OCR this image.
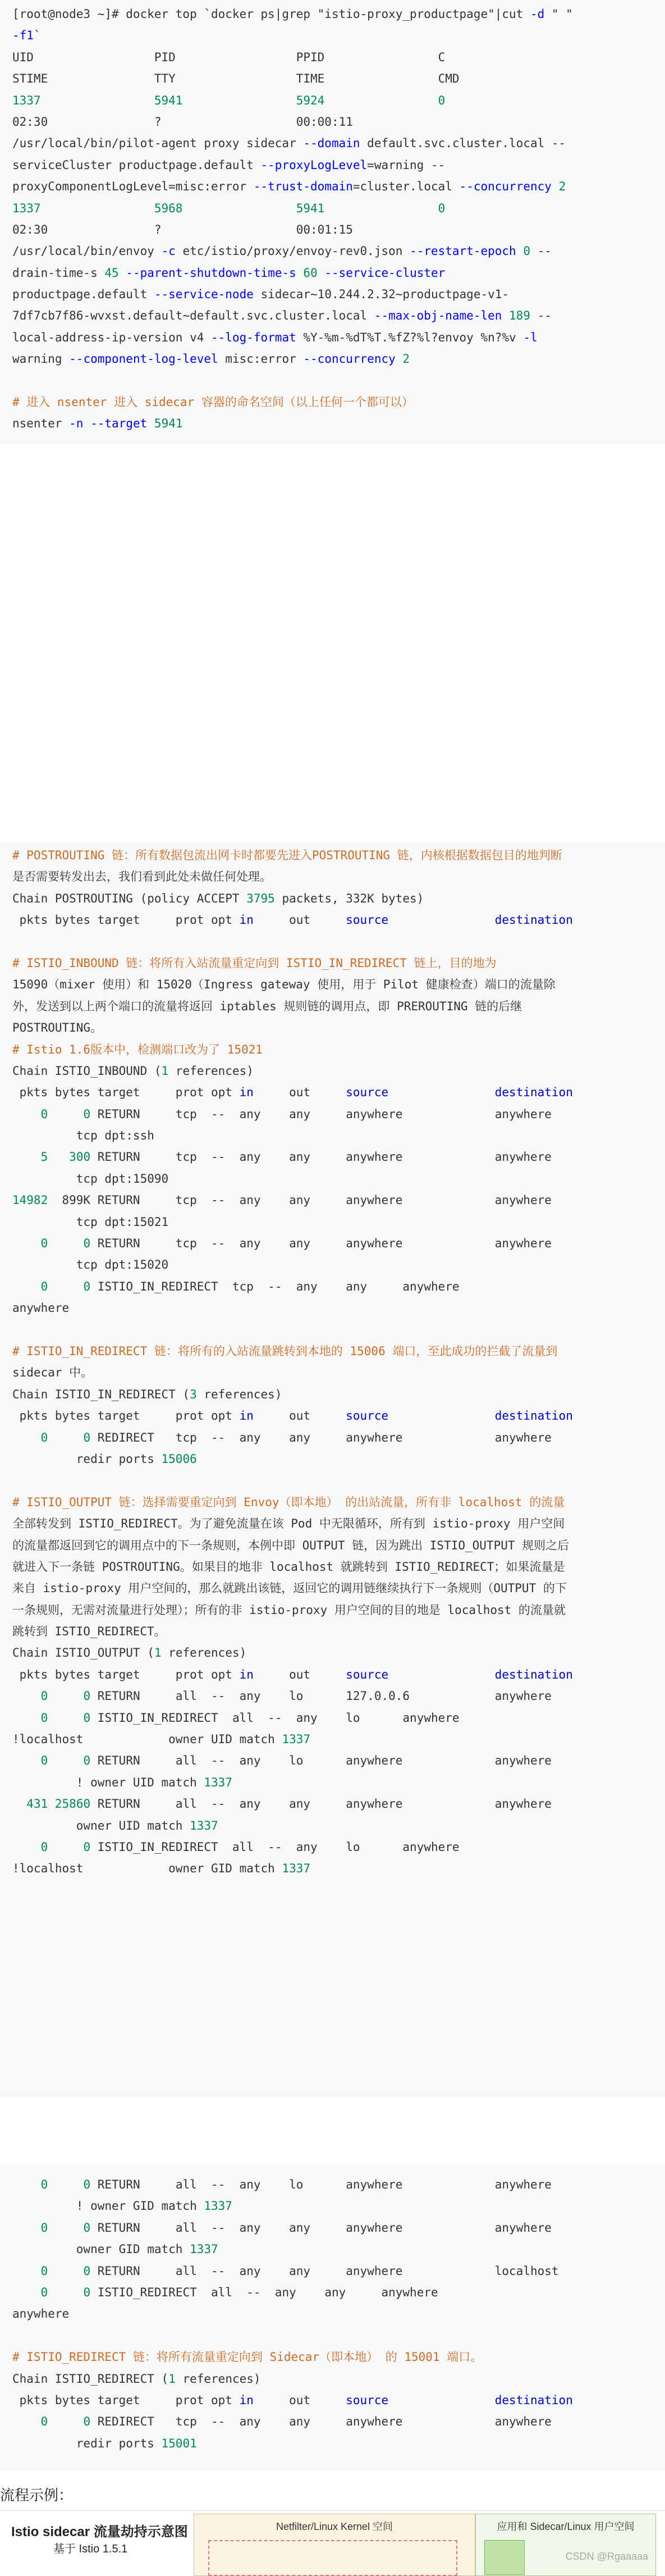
[root@node3 ~]# docker top `docker ps|grep "istio-proxy_productpage"|cut -d " "
-f1`
UID                 PID                 PPID                C
STIME               TTY                 TIME                CMD
1337	5941	5924	0
02:30               ?                   00:00:11
/usr/local/bin/pilot-agent proxy sidecar --domain default.svc.cluster.local --
serviceCluster productpage.default --proxyLogLevel=warning --
proxyComponentLogLevel=misc:error --trust-domain=cluster.local --concurrency 2
1337	5968	5941	0
02:30               ?                   00:01:15
/usr/local/bin/envoy -c etc/istio/proxy/envoy-rev0.json --restart-epoch 0 --
drain-time-s 45 --parent-shutdown-time-s 60 --service-cluster
productpage.default --service-node sidecar~10.244.2.32~productpage-v1-
7df7cb7f86-wvxst.default~default.svc.cluster.local --max-obj-name-len 189 --
local-address-ip-version v4 --log-format %Y-%m-%dT%T.%fZ?%l?envoy %n?%v -l
warning --component-log-level misc:error --concurrency 2

# 进入 nsenter 进入 sidecar 容器的命名空间（以上任何一个都可以）
nsenter -n --target 5941

# POSTROUTING 链：所有数据包流出网卡时都要先进入POSTROUTING 链，内核根据数据包目的地判断
是否需要转发出去，我们看到此处未做任何处理。
Chain POSTROUTING (policy ACCEPT 3795 packets, 332K bytes)
pkts bytes target     prot opt in     out     source	destination

# ISTIO_INBOUND 链：将所有入站流量重定向到 ISTIO_IN_REDIRECT 链上，目的地为
15090（mixer 使用）和 15020（Ingress gateway 使用，用于 Pilot 健康检查）端口的流量除
外，发送到以上两个端口的流量将返回 iptables 规则链的调用点，即 PREROUTING 链的后继
POSTROUTING。
# Istio 1.6版本中，检测端口改为了 15021
Chain ISTIO_INBOUND (1 references)
pkts bytes target     prot opt in     out     source	destination
0	0 RETURN     tcp  --  any    any     anywhere             anywhere
tcp dpt:ssh
5 300 RETURN     tcp  --  any    any     anywhere             anywhere
tcp dpt:15090
14982  899K RETURN     tcp  --  any    any     anywhere             anywhere
tcp dpt:15021
0	0 RETURN     tcp  --  any    any     anywhere             anywhere
tcp dpt:15020
0	0 ISTIO_IN_REDIRECT  tcp  --  any    any     anywhere
anywhere

# ISTIO_IN_REDIRECT 链：将所有的入站流量跳转到本地的 15006 端口，至此成功的拦截了流量到
sidecar 中。
Chain ISTIO_IN_REDIRECT (3 references)
pkts bytes target     prot opt in     out     source	destination
0	0 REDIRECT   tcp  --  any    any     anywhere             anywhere
redir ports 15006

# ISTIO_OUTPUT 链：选择需要重定向到 Envoy（即本地） 的出站流量，所有非 localhost 的流量
全部转发到 ISTIO_REDIRECT。为了避免流量在该 Pod 中无限循环，所有到 istio-proxy 用户空间
的流量都返回到它的调用点中的下一条规则，本例中即 OUTPUT 链，因为跳出 ISTIO_OUTPUT 规则之后
就进入下一条链 POSTROUTING。如果目的地非 localhost 就跳转到 ISTIO_REDIRECT；如果流量是
来自 istio-proxy 用户空间的，那么就跳出该链，返回它的调用链继续执行下一条规则（OUTPUT 的下
一条规则，无需对流量进行处理）；所有的非 istio-proxy 用户空间的目的地是 localhost 的流量就
跳转到 ISTIO_REDIRECT。
Chain ISTIO_OUTPUT (1 references)
pkts bytes target     prot opt in     out     source	destination
0	0 RETURN     all  --  any    lo      127.0.0.6            anywhere
0	0 ISTIO_IN_REDIRECT  all  --  any    lo      anywhere
!localhost            owner UID match 1337
0	0 RETURN     all  --  any    lo      anywhere             anywhere
! owner UID match 1337
431 25860 RETURN     all  --  any    any     anywhere             anywhere
owner UID match 1337
0	0 ISTIO_IN_REDIRECT  all  --  any    lo      anywhere
!localhost            owner GID match 1337
0	0 RETURN     all  --  any    lo      anywhere             anywhere
! owner GID match 1337
0	0 RETURN     all  --  any    any     anywhere             anywhere
owner GID match 1337
0	0 RETURN     all  --  any    any     anywhere             localhost
0	0 ISTIO_REDIRECT  all  --  any    any     anywhere
anywhere

# ISTIO_REDIRECT 链：将所有流量重定向到 Sidecar（即本地） 的 15001 端口。
Chain ISTIO_REDIRECT (1 references)
pkts bytes target     prot opt in     out     source	destination
0	0 REDIRECT   tcp  --  any    any     anywhere             anywhere
redir ports 15001
流程示例：
Istio sidecar 流量劫持示意图
基于 Istio 1.5.1
Netfilter/Linux Kernel 空间	应用和 Sidecar/Linux 用户空间
CSDN @Rgaaaaa
